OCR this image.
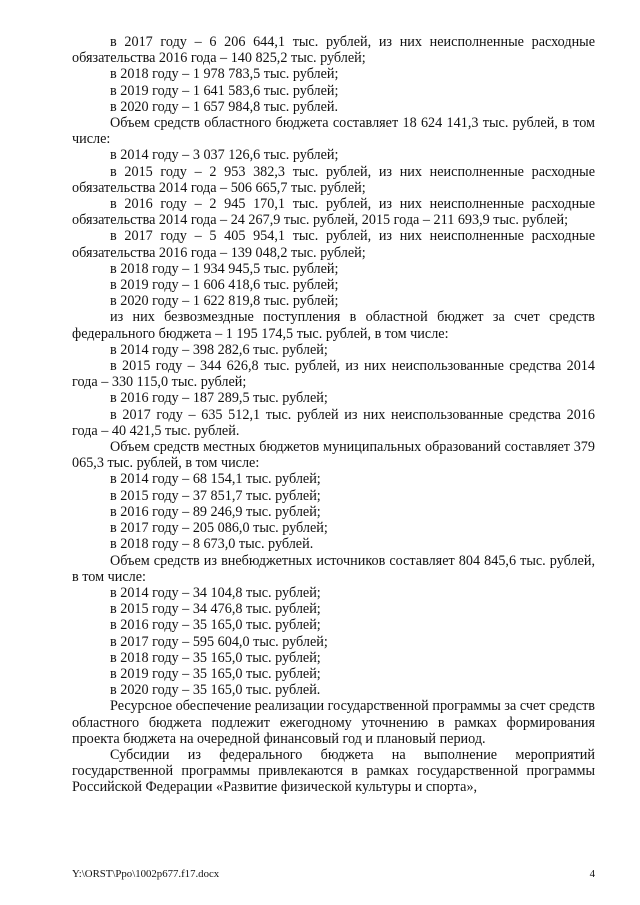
в 2017 году – 6 206 644,1 тыс. рублей, из них неисполненные расходные обязательства 2016 года – 140 825,2 тыс. рублей;

в 2018 году – 1 978 783,5 тыс. рублей;

в 2019 году – 1 641 583,6 тыс. рублей;

в 2020 году – 1 657 984,8 тыс. рублей.

Объем средств областного бюджета составляет 18 624 141,3 тыс. рублей, в том числе:

в 2014 году – 3 037 126,6 тыс. рублей;

в 2015 году – 2 953 382,3 тыс. рублей, из них неисполненные расходные обязательства 2014 года – 506 665,7 тыс. рублей;

в 2016 году – 2 945 170,1 тыс. рублей, из них неисполненные расходные обязательства 2014 года – 24 267,9 тыс. рублей, 2015 года – 211 693,9 тыс. рублей;

в 2017 году – 5 405 954,1 тыс. рублей, из них неисполненные расходные обязательства 2016 года – 139 048,2 тыс. рублей;

в 2018 году – 1 934 945,5 тыс. рублей;

в 2019 году – 1 606 418,6 тыс. рублей;

в 2020 году – 1 622 819,8 тыс. рублей;

из них безвозмездные поступления в областной бюджет за счет средств федерального бюджета – 1 195 174,5 тыс. рублей, в том числе:

в 2014 году – 398 282,6 тыс. рублей;

в 2015 году – 344 626,8 тыс. рублей, из них неиспользованные средства 2014 года – 330 115,0 тыс. рублей;

в 2016 году – 187 289,5 тыс. рублей;

в 2017 году – 635 512,1 тыс. рублей из них неиспользованные средства 2016 года – 40 421,5 тыс. рублей.

Объем средств местных бюджетов муниципальных образований составляет 379 065,3 тыс. рублей, в том числе:

в 2014 году – 68 154,1 тыс. рублей;

в 2015 году – 37 851,7 тыс. рублей;

в 2016 году – 89 246,9 тыс. рублей;

в 2017 году – 205 086,0 тыс. рублей;

в 2018 году – 8 673,0 тыс. рублей.

Объем средств из внебюджетных источников составляет 804 845,6 тыс. рублей, в том числе:

в 2014 году – 34 104,8 тыс. рублей;

в 2015 году – 34 476,8 тыс. рублей;

в 2016 году – 35 165,0 тыс. рублей;

в 2017 году – 595 604,0 тыс. рублей;

в 2018 году – 35 165,0 тыс. рублей;

в 2019 году – 35 165,0 тыс. рублей;

в 2020 году – 35 165,0 тыс. рублей.

Ресурсное обеспечение реализации государственной программы за счет средств областного бюджета подлежит ежегодному уточнению в рамках формирования проекта бюджета на очередной финансовый год и плановый период.

Субсидии из федерального бюджета на выполнение мероприятий государственной программы привлекаются в рамках государственной программы Российской Федерации «Развитие физической культуры и спорта»,

Y:\ORST\Ppo\1002p677.f17.docx	4
